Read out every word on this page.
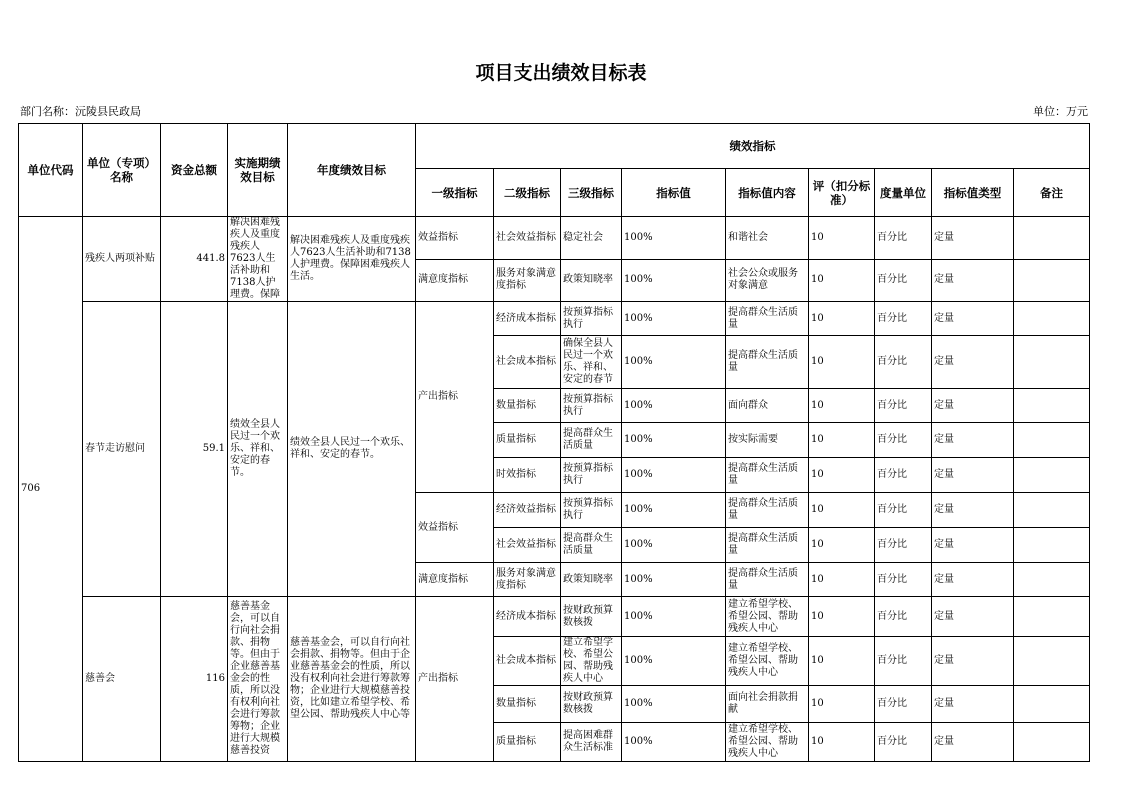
项目支出绩效目标表
部门名称：沅陵县民政局	单位：万元
单位代码	单位（专项）名称	资金总额	实施期绩效目标	年度绩效目标	绩效指标								
					一级指标	二级指标	三级指标	指标值	指标值内容	评（扣分标准）	度量单位	指标值类型	备注
706	残疾人两项补贴	441.8	解决困难残疾人及重度残疾人7623人生活补助和7138人护理费。保障	解决困难残疾人及重度残疾人7623人生活补助和7138人护理费。保障困难残疾人生活。	效益指标	社会效益指标	稳定社会	100%	和谐社会	10	百分比	定量	
					满意度指标	服务对象满意度指标	政策知晓率	100%	社会公众或服务对象满意	10	百分比	定量	
	春节走访慰问	59.1	绩效全县人民过一个欢乐、祥和、安定的春节。	绩效全县人民过一个欢乐、祥和、安定的春节。	产出指标	经济成本指标	按预算指标执行	100%	提高群众生活质量	10	百分比	定量	
						社会成本指标	确保全县人民过一个欢乐、祥和、安定的春节	100%	提高群众生活质量	10	百分比	定量	
						数量指标	按预算指标执行	100%	面向群众	10	百分比	定量	
						质量指标	提高群众生活质量	100%	按实际需要	10	百分比	定量	
						时效指标	按预算指标执行	100%	提高群众生活质量	10	百分比	定量	
					效益指标	经济效益指标	按预算指标执行	100%	提高群众生活质量	10	百分比	定量	
						社会效益指标	提高群众生活质量	100%	提高群众生活质量	10	百分比	定量	
					满意度指标	服务对象满意度指标	政策知晓率	100%	提高群众生活质量	10	百分比	定量	
	慈善会	116	慈善基金会，可以自行向社会捐款、捐物等。但由于企业慈善基金会的性质，所以没有权利向社会进行筹款筹物；企业进行大规模慈善投资	慈善基金会，可以自行向社会捐款、捐物等。但由于企业慈善基金会的性质，所以没有权利向社会进行筹款筹物；企业进行大规模慈善投资，比如建立希望学校、希望公园、帮助残疾人中心等	产出指标	经济成本指标	按财政预算数核拨	100%	建立希望学校、希望公园、帮助残疾人中心	10	百分比	定量	
						社会成本指标	建立希望学校、希望公园、帮助残疾人中心	100%	建立希望学校、希望公园、帮助残疾人中心	10	百分比	定量	
						数量指标	按财政预算数核拨	100%	面向社会捐款捐献	10	百分比	定量	
						质量指标	提高困难群众生活标准	100%	建立希望学校、希望公园、帮助残疾人中心	10	百分比	定量	
